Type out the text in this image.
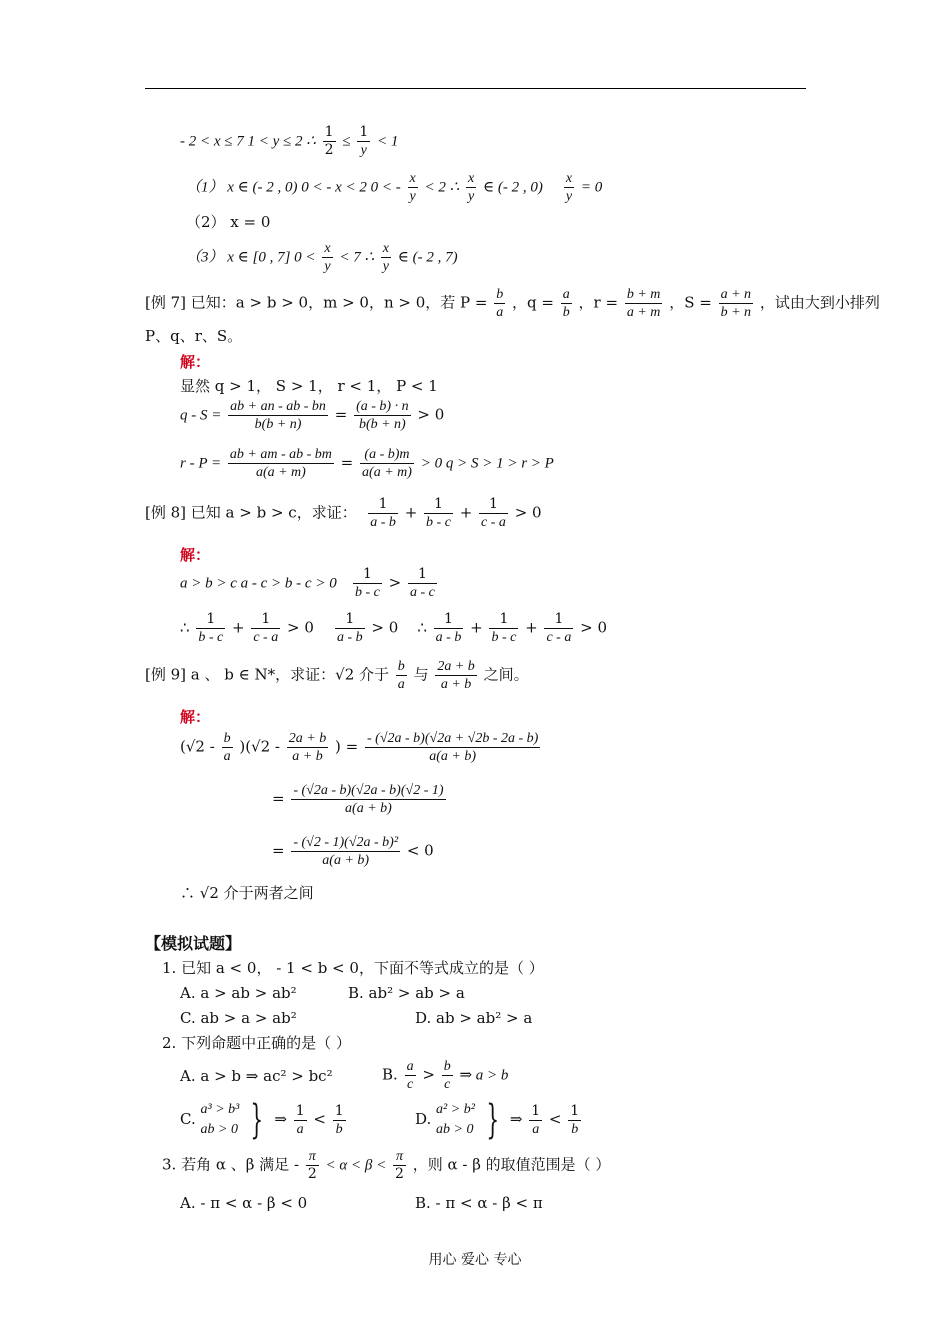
- 2 < x ≤ 7 1 < y ≤ 2 ∴ $\frac{1}{2} \le \frac{1}{y} < 1$
（1） x ∈ (- 2 , 0) 0 < - x < 2 0 < - $\frac{x}{y} < 2$ ∴ $\frac{x}{y}$ ∈ (- 2 , $0) \frac{x}{y} = 0$
（2） x = 0
（3） x ∈ [0 , 7] $0 < \frac{x}{y} < 7$ ∴ $\frac{x}{y}$ ∈ (- 2 , 7)
[例 7] 已知：a > b > 0，m > 0，n > 0，若 $P = \frac{b}{a}$ ，$q = \frac{a}{b}$ ，$r = \frac{b + m}{a + m}$ ，$S = \frac{a + n}{b + n}$ ，试由大到小排列
P、q、r、S。
解：
显然 q > 1， S > 1， r < 1， P < 1
$q - S = \frac{ab + an - ab - bn}{b(b + n)} = \frac{(a - b) \cdot n}{b(b + n)} > 0$
$r - P = \frac{ab + am - ab - bm}{a(a + m)} = \frac{(a - b)m}{a(a + m)} > 0$ q > S > 1 > r > P
[例 8] 已知 a > b > c，求证： $\frac{1}{a - b} + \frac{1}{b - c} + \frac{1}{c - a} > 0$
解：
a > b > c $a - c > b - c > 0 \frac{1}{b - c} > \frac{1}{a - c}$
∴ $\frac{1}{b - c} + \frac{1}{c - a} > 0 \frac{1}{a - b} > 0$    ∴ $\frac{1}{a - b} + \frac{1}{b - c} + \frac{1}{c - a} > 0$
[例 9] a 、 b ∈ N*，求证：√2 介于 $\frac{b}{a}$ 与 $\frac{2a + b}{a + b}$ 之间。
解：
$(√2 - \frac{b}{a} )(√2 - \frac{2a + b}{a + b}$ ) = $\frac{- (√2a - b)(√2a + √2b - 2a - b)}{a(a + b)}$
= $\frac{- (√2a - b)(√2a - b)(√2 - 1)}{a(a + b)}$
= $\frac{\text{- (√2 - 1)(√2a - b)²}}{a(a + b)} < 0$
∴ √2 介于两者之间
【模拟试题】
1. 已知 a < 0， - 1 < b < 0，下面不等式成立的是（ ）
A. a > ab > ab²	B. ab² > ab > a
C. ab > a > ab²	D. ab > ab² > a
2. 下列命题中正确的是（ ）
A. a > b ⇒ ac² > bc²	B. $\frac{a}{c} > \frac{b}{c}$ ⇒ a > b
C.
a³ > b³
ab > 0 } ⇒ $\frac{1}{a} < \frac{1}{b}$	D.
a² > b²
ab > 0 } ⇒ $\frac{1}{a} < \frac{1}{b}$
3. 若角 α 、β 满足 - $\frac{\pi}{2} < \alpha < \beta < \frac{\pi}{2}$ ，则 α - β 的取值范围是（ ）
A. - π < α - β < 0	B. - π < α - β < π
用心 爱心 专心
